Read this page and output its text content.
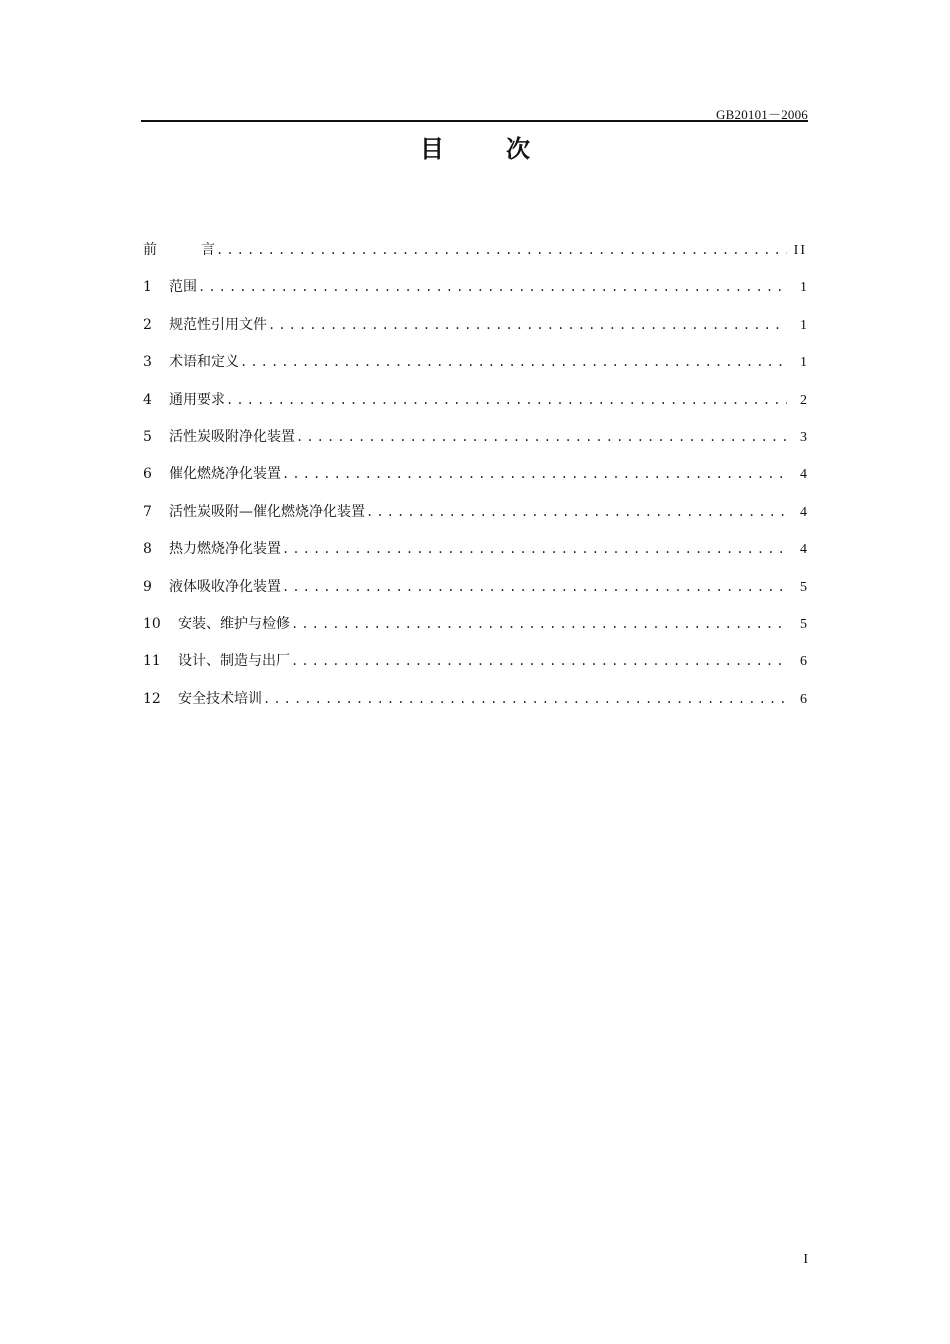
GB20101－2006
目	次
前	言 .....	II
1	范围 .....	1
2	规范性引用文件 .....	1
3	术语和定义 .....	1
4	通用要求 .....	2
5	活性炭吸附净化装置 .....	3
6	催化燃烧净化装置 .....	4
7	活性炭吸附—催化燃烧净化装置 .....	4
8	热力燃烧净化装置 .....	4
9	液体吸收净化装置 .....	5
10	安装、维护与检修 .....	5
11	设计、制造与出厂 .....	6
12	安全技术培训 .....	6
I
